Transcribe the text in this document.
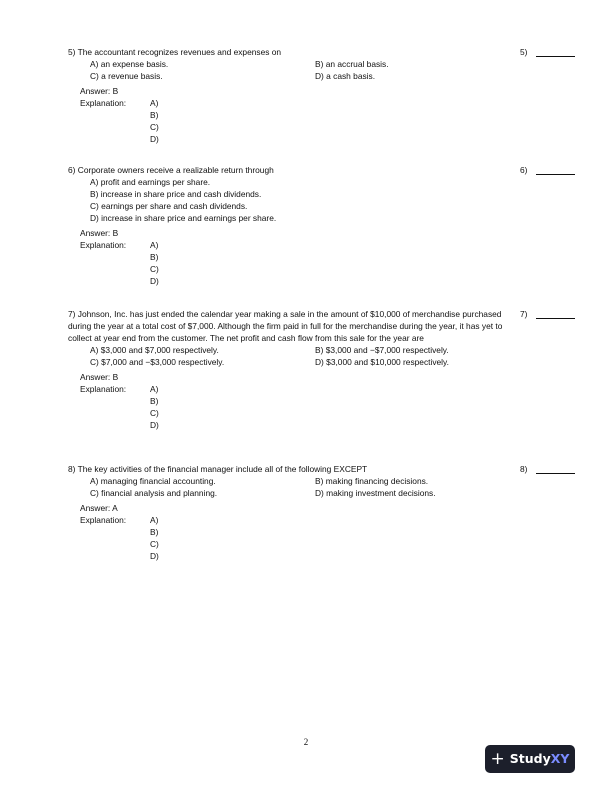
5) The accountant recognizes revenues and expenses on	5)
A) an expense basis.	B) an accrual basis.
C) a revenue basis.	D) a cash basis.
Answer: B
Explanation:	A)
B)
C)
D)
6) Corporate owners receive a realizable return through	6)
A) profit and earnings per share.
B) increase in share price and cash dividends.
C) earnings per share and cash dividends.
D) increase in share price and earnings per share.
Answer: B
Explanation:	A)
B)
C)
D)
7) Johnson, Inc. has just ended the calendar year making a sale in the amount of $10,000 of merchandise purchased during the year at a total cost of $7,000. Although the firm paid in full for the merchandise during the year, it has yet to collect at year end from the customer. The net profit and cash flow from this sale for the year are
7)
A) $3,000 and $7,000 respectively.	B) $3,000 and −$7,000 respectively.
C) $7,000 and −$3,000 respectively.	D) $3,000 and $10,000 respectively.
Answer: B
Explanation:	A)
B)
C)
D)
8) The key activities of the financial manager include all of the following EXCEPT	8)
A) managing financial accounting.	B) making financing decisions.
C) financial analysis and planning.	D) making investment decisions.
Answer: A
Explanation:	A)
B)
C)
D)
2
+ Study XY
